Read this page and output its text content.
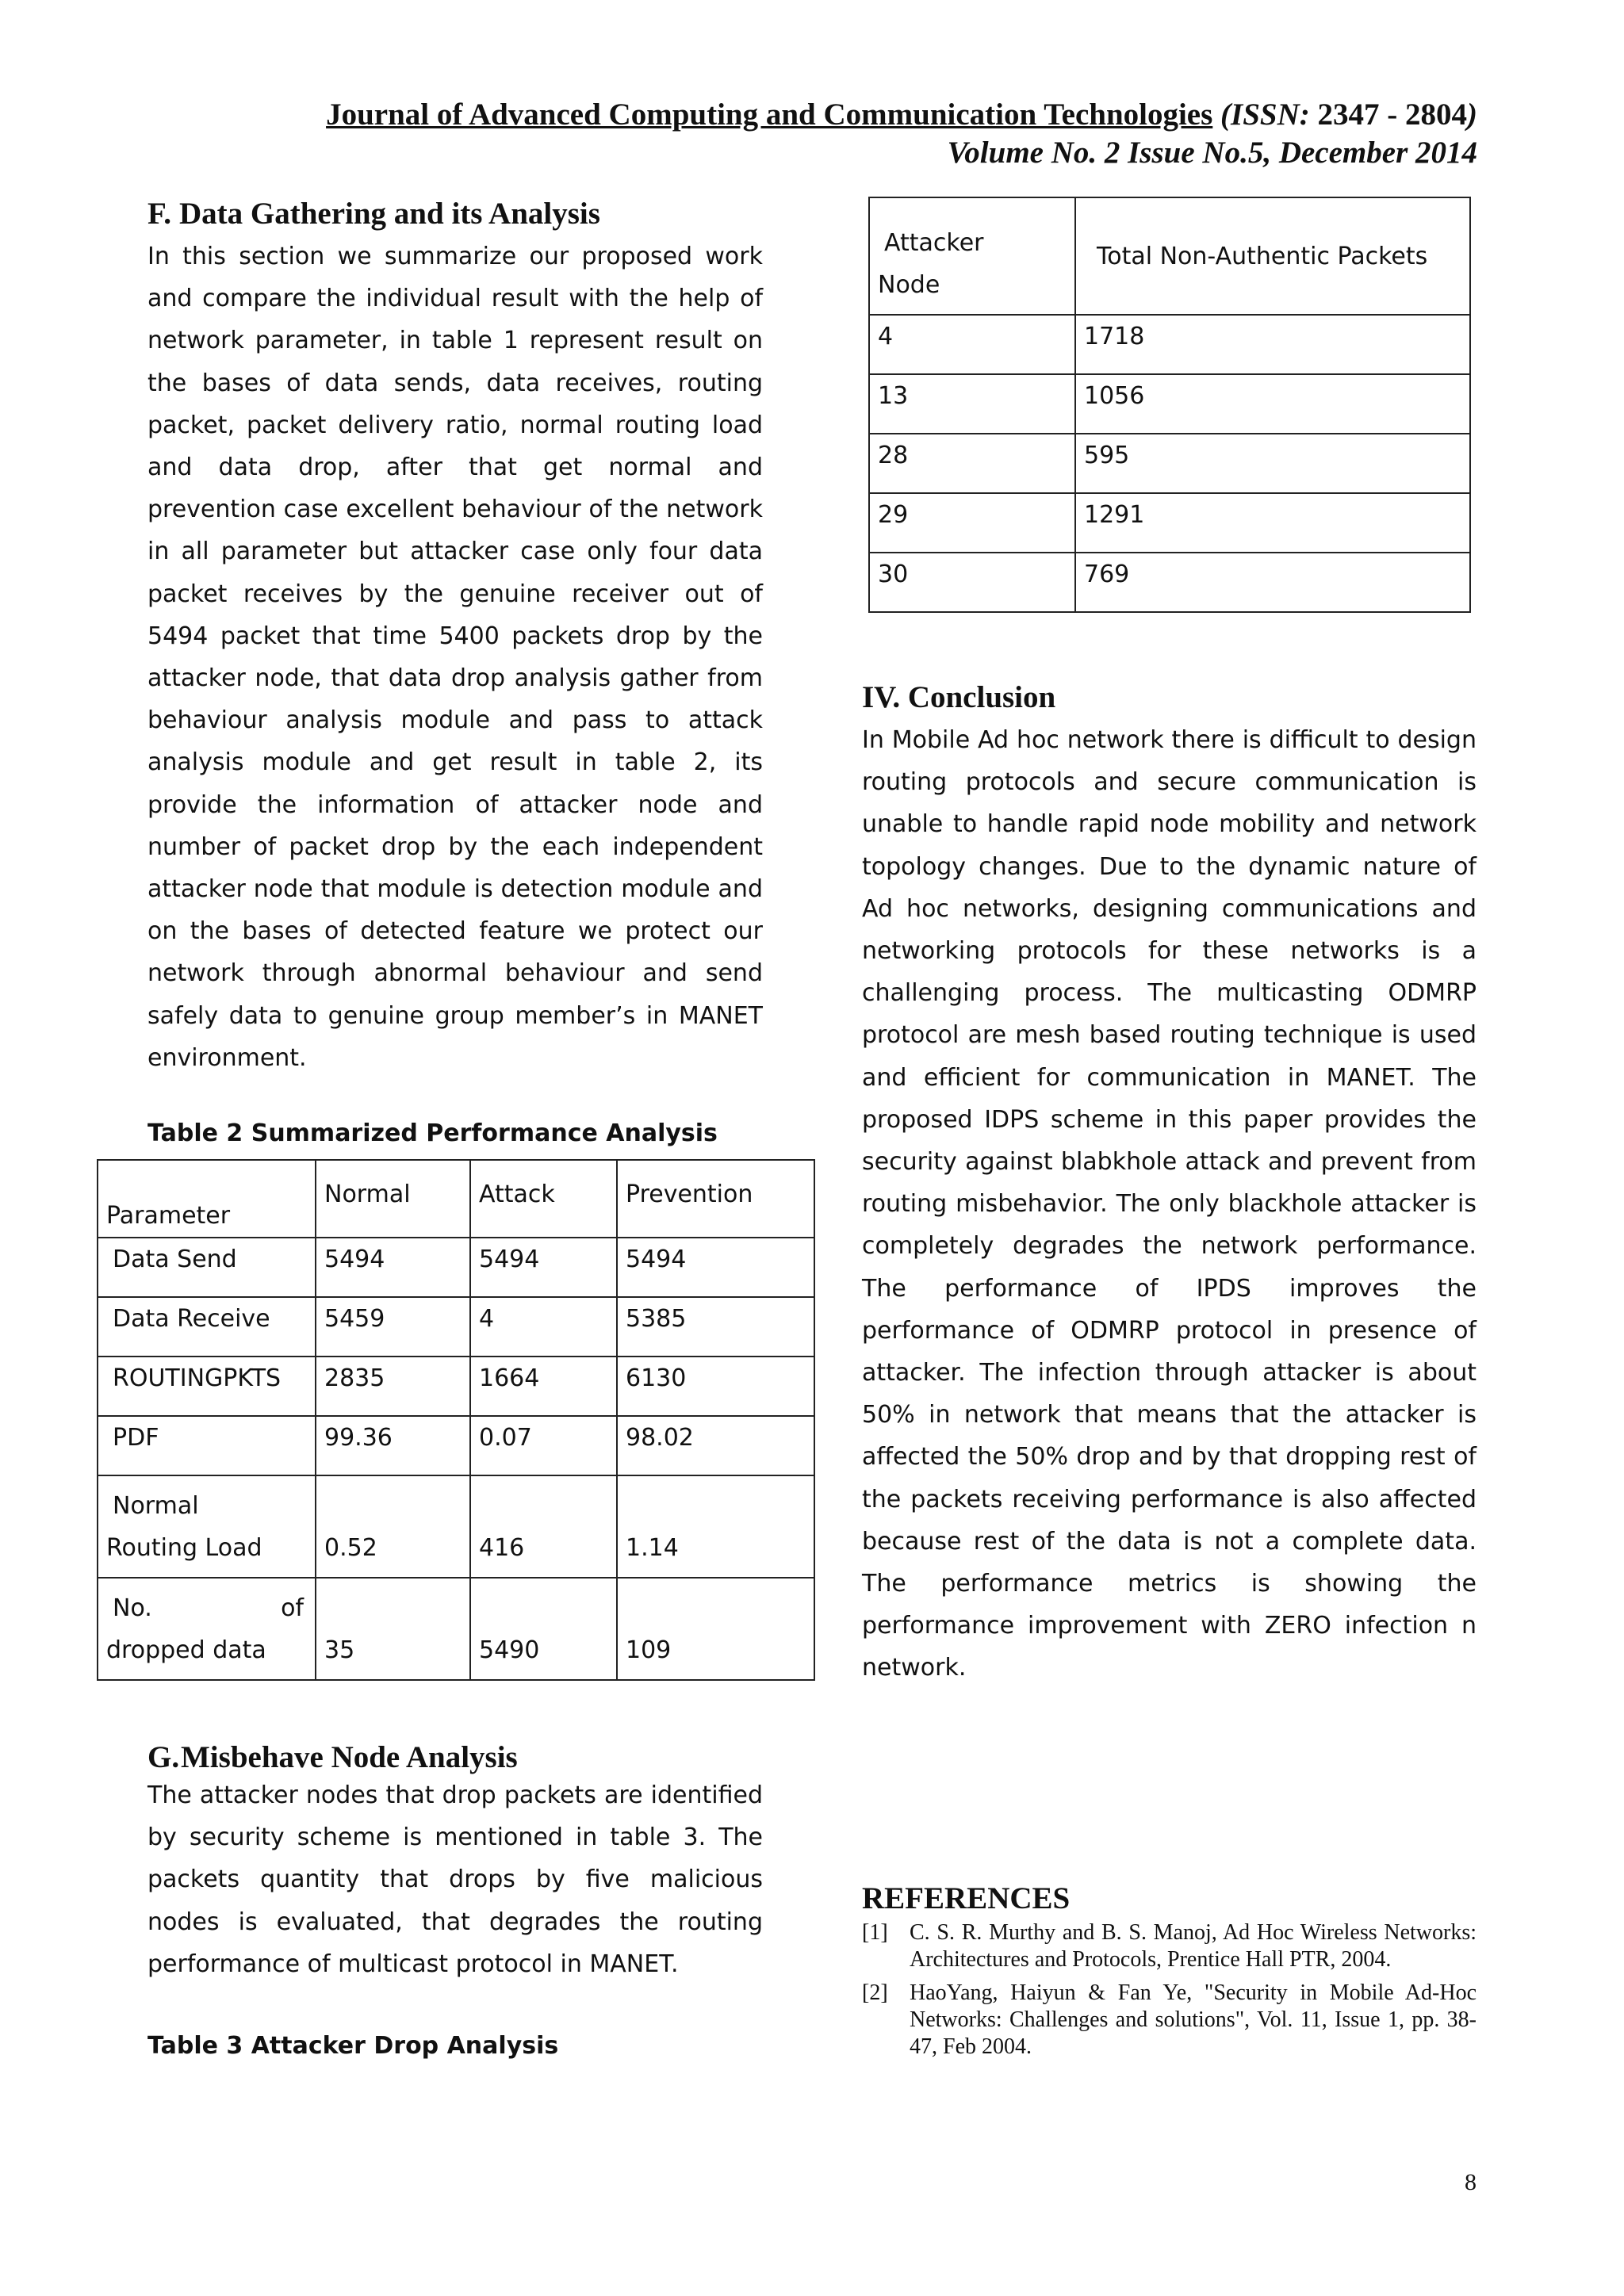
Journal of Advanced Computing and Communication Technologies (ISSN: 2347 - 2804)

Volume No. 2 Issue No.5, December 2014

F. Data Gathering and its Analysis

In this section we summarize our proposed work and compare the individual result with the help of network parameter, in table 1 represent result on the bases of data sends, data receives, routing packet, packet delivery ratio, normal routing load and data drop, after that get normal and prevention case excellent behaviour of the network in all parameter but attacker case only four data packet receives by the genuine receiver out of 5494 packet that time 5400 packets drop by the attacker node, that data drop analysis gather from behaviour analysis module and pass to attack analysis module and get result in table 2, its provide the information of attacker node and number of packet drop by the each independent attacker node that module is detection module and on the bases of detected feature we protect our network through abnormal behaviour and send safely data to genuine group member’s in MANET environment.

Table 2 Summarized Performance Analysis

Parameter	Normal	Attack	Prevention
Data Send	5494	5494	5494
Data Receive	5459	4	5385
ROUTINGPKTS	2835	1664	6130
PDF	99.36	0.07	98.02

Normal
Routing Load	0.52	416	1.14

No. of
dropped data	35	5490	109
G.Misbehave Node Analysis

The attacker nodes that drop packets are identified by security scheme is mentioned in table 3. The packets quantity that drops by five malicious nodes is evaluated, that degrades the routing performance of multicast protocol in MANET.

Table 3 Attacker Drop Analysis

Attacker
Node	Total Non-Authentic Packets
4	1718
13	1056
28	595
29	1291
30	769
IV. Conclusion

In Mobile Ad hoc network there is difficult to design routing protocols and secure communication is unable to handle rapid node mobility and network topology changes. Due to the dynamic nature of Ad hoc networks, designing communications and networking protocols for these networks is a challenging process. The multicasting ODMRP protocol are mesh based routing technique is used and efficient for communication in MANET. The proposed IDPS scheme in this paper provides the security against blabkhole attack and prevent from routing misbehavior. The only blackhole attacker is completely degrades the network performance. The performance of IPDS improves the performance of ODMRP protocol in presence of attacker. The infection through attacker is about 50% in network that means that the attacker is affected the 50% drop and by that dropping rest of the packets receiving performance is also affected because rest of the data is not a complete data. The performance metrics is showing the performance improvement with ZERO infection n network.

REFERENCES
[1] C. S. R. Murthy and B. S. Manoj, Ad Hoc Wireless Networks: Architectures and Protocols, Prentice Hall PTR, 2004.
[2] HaoYang, Haiyun & Fan Ye, "Security in Mobile Ad-Hoc Networks: Challenges and solutions", Vol. 11, Issue 1, pp. 38-47, Feb 2004.
8
